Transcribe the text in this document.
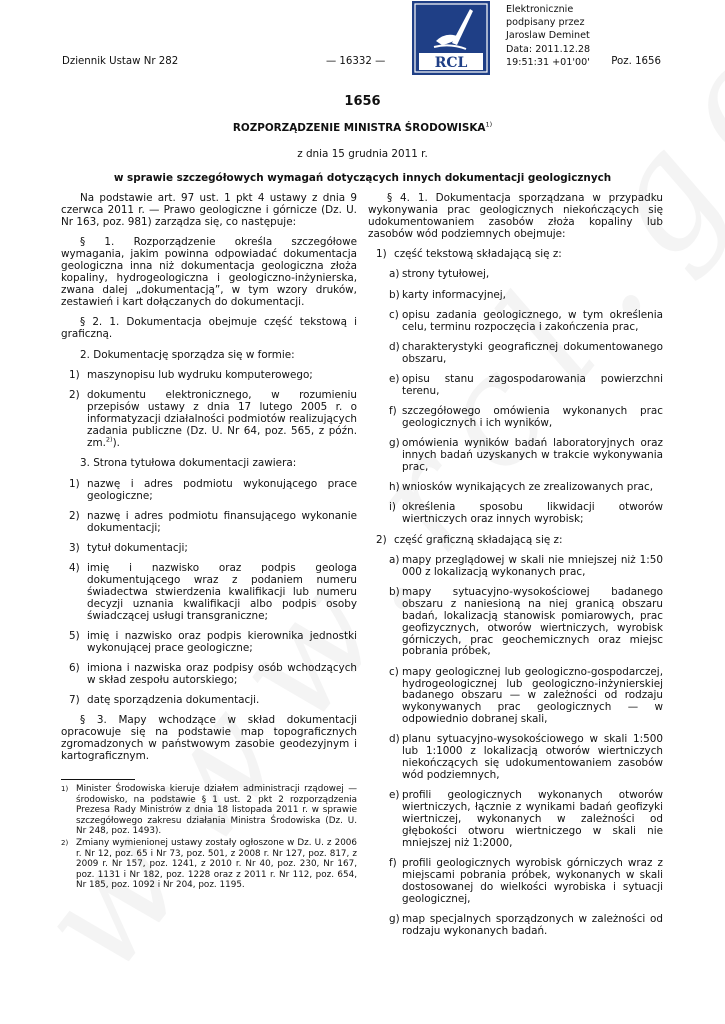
Dziennik Ustaw Nr 282	— 16332 —	Poz. 1656
RCL
Elektronicznie
podpisany przez
Jaroslaw Deminet
Data: 2011.12.28
19:51:31 +01'00'
1656
ROZPORZĄDZENIE MINISTRA ŚRODOWISKA$^{1)}$
z dnia 15 grudnia 2011 r.
w sprawie szczegółowych wymagań dotyczących innych dokumentacji geologicznych

Na podstawie art. 97 ust. 1 pkt 4 ustawy z dnia 9 czerwca 2011 r. — Prawo geologiczne i górnicze (Dz. U. Nr 163, poz. 981) zarządza się, co następuje:

§ 1. Rozporządzenie określa szczegółowe wymagania, jakim powinna odpowiadać dokumentacja geologiczna inna niż dokumentacja geologiczna złoża kopaliny, hydrogeologiczna i geologiczno-inżynierska, zwana dalej „dokumentacją”, w tym wzory druków, zestawień i kart dołączanych do dokumentacji.

§ 2. 1. Dokumentacja obejmuje część tekstową i graficzną.

2. Dokumentację sporządza się w formie:

1) maszynopisu lub wydruku komputerowego;
2) dokumentu elektronicznego, w rozumieniu przepisów ustawy z dnia 17 lutego 2005 r. o informatyzacji działalności podmiotów realizujących zadania publiczne (Dz. U. Nr 64, poz. 565, z późn. zm.$^{2)}$).

3. Strona tytułowa dokumentacji zawiera:

1) nazwę i adres podmiotu wykonującego prace geologiczne;
2) nazwę i adres podmiotu finansującego wykonanie dokumentacji;
3) tytuł dokumentacji;
4) imię i nazwisko oraz podpis geologa dokumentującego wraz z podaniem numeru świadectwa stwierdzenia kwalifikacji lub numeru decyzji uznania kwalifikacji albo podpis osoby świadczącej usługi transgraniczne;
5) imię i nazwisko oraz podpis kierownika jednostki wykonującej prace geologiczne;
6) imiona i nazwiska oraz podpisy osób wchodzących w skład zespołu autorskiego;
7) datę sporządzenia dokumentacji.

§ 3. Mapy wchodzące w skład dokumentacji opracowuje się na podstawie map topograficznych zgromadzonych w państwowym zasobie geodezyjnym i kartograficznym.

1) Minister Środowiska kieruje działem administracji rządowej — środowisko, na podstawie § 1 ust. 2 pkt 2 rozporządzenia Prezesa Rady Ministrów z dnia 18 listopada 2011 r. w sprawie szczegółowego zakresu działania Ministra Środowiska (Dz. U. Nr 248, poz. 1493).
2) Zmiany wymienionej ustawy zostały ogłoszone w Dz. U. z 2006 r. Nr 12, poz. 65 i Nr 73, poz. 501, z 2008 r. Nr 127, poz. 817, z 2009 r. Nr 157, poz. 1241, z 2010 r. Nr 40, poz. 230, Nr 167, poz. 1131 i Nr 182, poz. 1228 oraz z 2011 r. Nr 112, poz. 654, Nr 185, poz. 1092 i Nr 204, poz. 1195.

§ 4. 1. Dokumentacja sporządzana w przypadku wykonywania prac geologicznych niekończących się udokumentowaniem zasobów złoża kopaliny lub zasobów wód podziemnych obejmuje:

1) część tekstową składającą się z:
a) strony tytułowej,
b) karty informacyjnej,
c) opisu zadania geologicznego, w tym określenia celu, terminu rozpoczęcia i zakończenia prac,
d) charakterystyki geograficznej dokumentowanego obszaru,
e) opisu stanu zagospodarowania powierzchni terenu,
f) szczegółowego omówienia wykonanych prac geologicznych i ich wyników,
g) omówienia wyników badań laboratoryjnych oraz innych badań uzyskanych w trakcie wykonywania prac,
h) wniosków wynikających ze zrealizowanych prac,
i) określenia sposobu likwidacji otworów wiertniczych oraz innych wyrobisk;
2) część graficzną składającą się z:
a) mapy przeglądowej w skali nie mniejszej niż 1:50 000 z lokalizacją wykonanych prac,
b) mapy sytuacyjno-wysokościowej badanego obszaru z naniesioną na niej granicą obszaru badań, lokalizacją stanowisk pomiarowych, prac geofizycznych, otworów wiertniczych, wyrobisk górniczych, prac geochemicznych oraz miejsc pobrania próbek,
c) mapy geologicznej lub geologiczno-gospodarczej, hydrogeologicznej lub geologiczno-inżynierskiej badanego obszaru — w zależności od rodzaju wykonywanych prac geologicznych — w odpowiednio dobranej skali,
d) planu sytuacyjno-wysokościowego w skali 1:500 lub 1:1000 z lokalizacją otworów wiertniczych niekończących się udokumentowaniem zasobów wód podziemnych,
e) profili geologicznych wykonanych otworów wiertniczych, łącznie z wynikami badań geofizyki wiertniczej, wykonanych w zależności od głębokości otworu wiertniczego w skali nie mniejszej niż 1:2000,
f) profili geologicznych wyrobisk górniczych wraz z miejscami pobrania próbek, wykonanych w skali dostosowanej do wielkości wyrobiska i sytuacji geologicznej,
g) map specjalnych sporządzonych w zależności od rodzaju wykonanych badań.
